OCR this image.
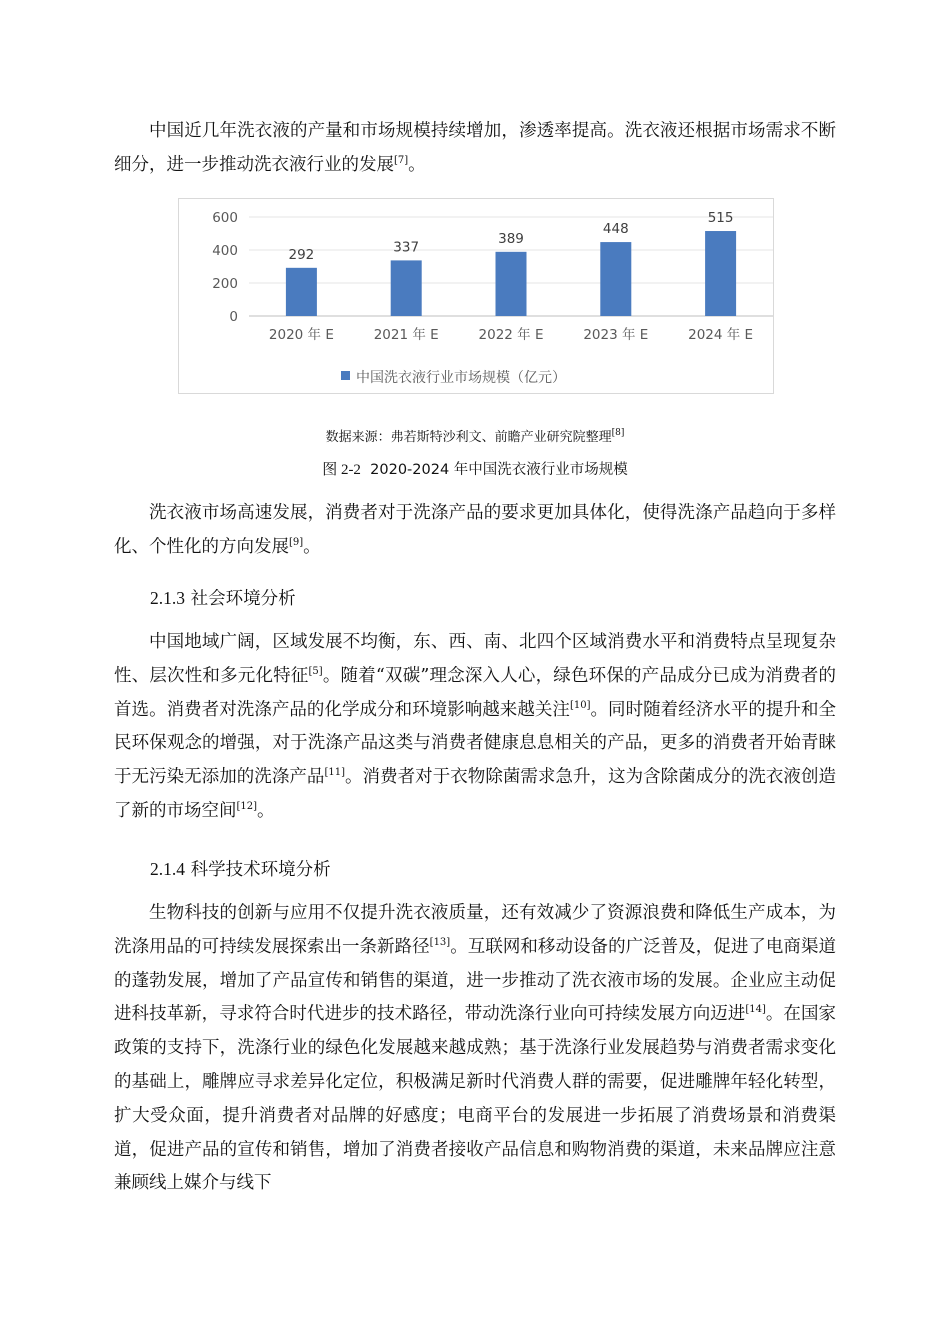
中国近几年洗衣液的产量和市场规模持续增加，渗透率提高。洗衣液还根据市场需求不断细分，进一步推动洗衣液行业的发展[7]。

0
200
400
600
292	337
389
448
515
2020 年 E	2021 年 E	2022 年 E	2023 年 E	2024 年 E
中国洗衣液行业市场规模（亿元）
数据来源：弗若斯特沙利文、前瞻产业研究院整理[8]
图 2-2 2020-2024 年中国洗衣液行业市场规模

洗衣液市场高速发展，消费者对于洗涤产品的要求更加具体化，使得洗涤产品趋向于多样化、个性化的方向发展[9]。

2.1.3 社会环境分析

中国地域广阔，区域发展不均衡，东、西、南、北四个区域消费水平和消费特点呈现复杂性、层次性和多元化特征[5]。随着“双碳”理念深入人心，绿色环保的产品成分已成为消费者的首选。消费者对洗涤产品的化学成分和环境影响越来越关注[10]。同时随着经济水平的提升和全民环保观念的增强，对于洗涤产品这类与消费者健康息息相关的产品，更多的消费者开始青睐于无污染无添加的洗涤产品[11]。消费者对于衣物除菌需求急升，这为含除菌成分的洗衣液创造了新的市场空间[12]。

2.1.4 科学技术环境分析

生物科技的创新与应用不仅提升洗衣液质量，还有效减少了资源浪费和降低生产成本，为洗涤用品的可持续发展探索出一条新路径[13]。互联网和移动设备的广泛普及，促进了电商渠道的蓬勃发展，增加了产品宣传和销售的渠道，进一步推动了洗衣液市场的发展。企业应主动促进科技革新，寻求符合时代进步的技术路径，带动洗涤行业向可持续发展方向迈进[14]。在国家政策的支持下，洗涤行业的绿色化发展越来越成熟；基于洗涤行业发展趋势与消费者需求变化的基础上，雕牌应寻求差异化定位，积极满足新时代消费人群的需要，促进雕牌年轻化转型，扩大受众面，提升消费者对品牌的好感度；电商平台的发展进一步拓展了消费场景和消费渠道，促进产品的宣传和销售，增加了消费者接收产品信息和购物消费的渠道，未来品牌应注意兼顾线上媒介与线下
